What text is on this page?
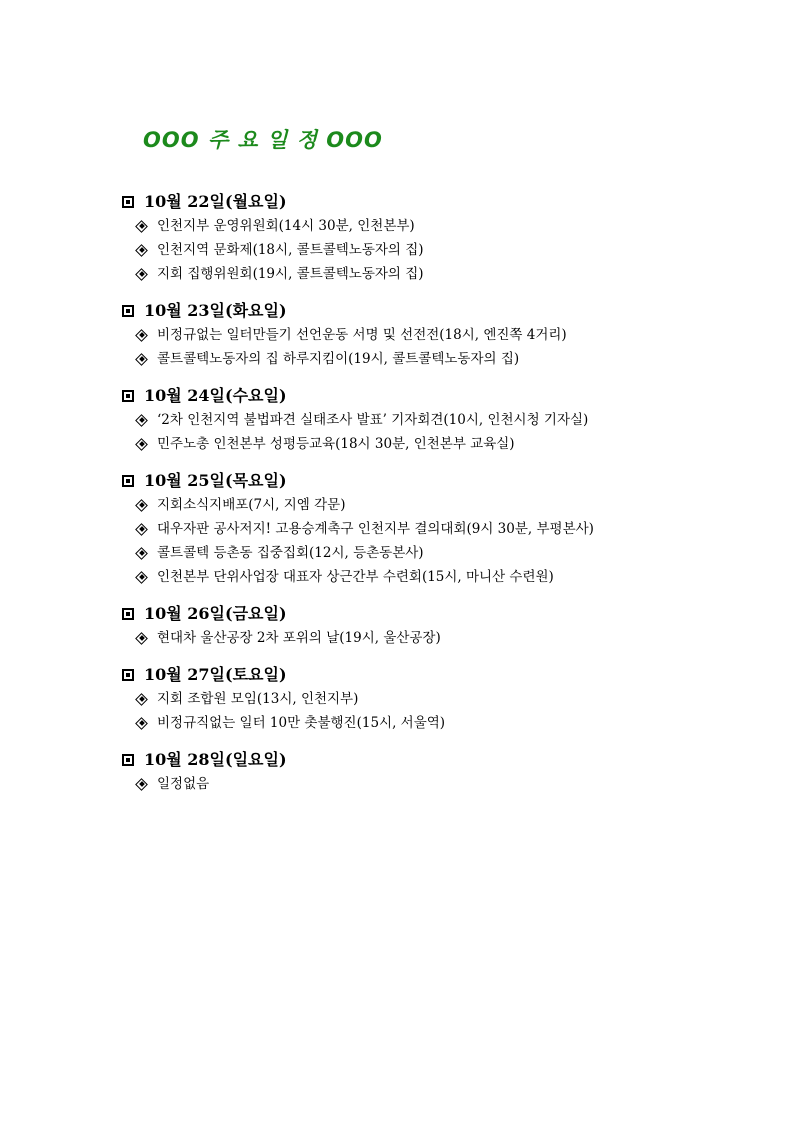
OOO 주 요 일 정 OOO
10월 22일(월요일)
인천지부 운영위원회(14시 30분, 인천본부)
인천지역 문화제(18시, 콜트콜텍노동자의 집)
지회 집행위원회(19시, 콜트콜텍노동자의 집)
10월 23일(화요일)
비정규없는 일터만들기 선언운동 서명 및 선전전(18시, 엔진쪽 4거리)
콜트콜텍노동자의 집 하루지킴이(19시, 콜트콜텍노동자의 집)
10월 24일(수요일)
‘2차 인천지역 불법파견 실태조사 발표’ 기자회견(10시, 인천시청 기자실)
민주노총 인천본부 성평등교육(18시 30분, 인천본부 교육실)
10월 25일(목요일)
지회소식지배포(7시, 지엠 각문)
대우자판 공사저지! 고용승계촉구 인천지부 결의대회(9시 30분, 부평본사)
콜트콜텍 등촌동 집중집회(12시, 등촌동본사)
인천본부 단위사업장 대표자 상근간부 수련회(15시, 마니산 수련원)
10월 26일(금요일)
현대차 울산공장 2차 포위의 날(19시, 울산공장)
10월 27일(토요일)
지회 조합원 모임(13시, 인천지부)
비정규직없는 일터 10만 촛불행진(15시, 서울역)
10월 28일(일요일)
일정없음
